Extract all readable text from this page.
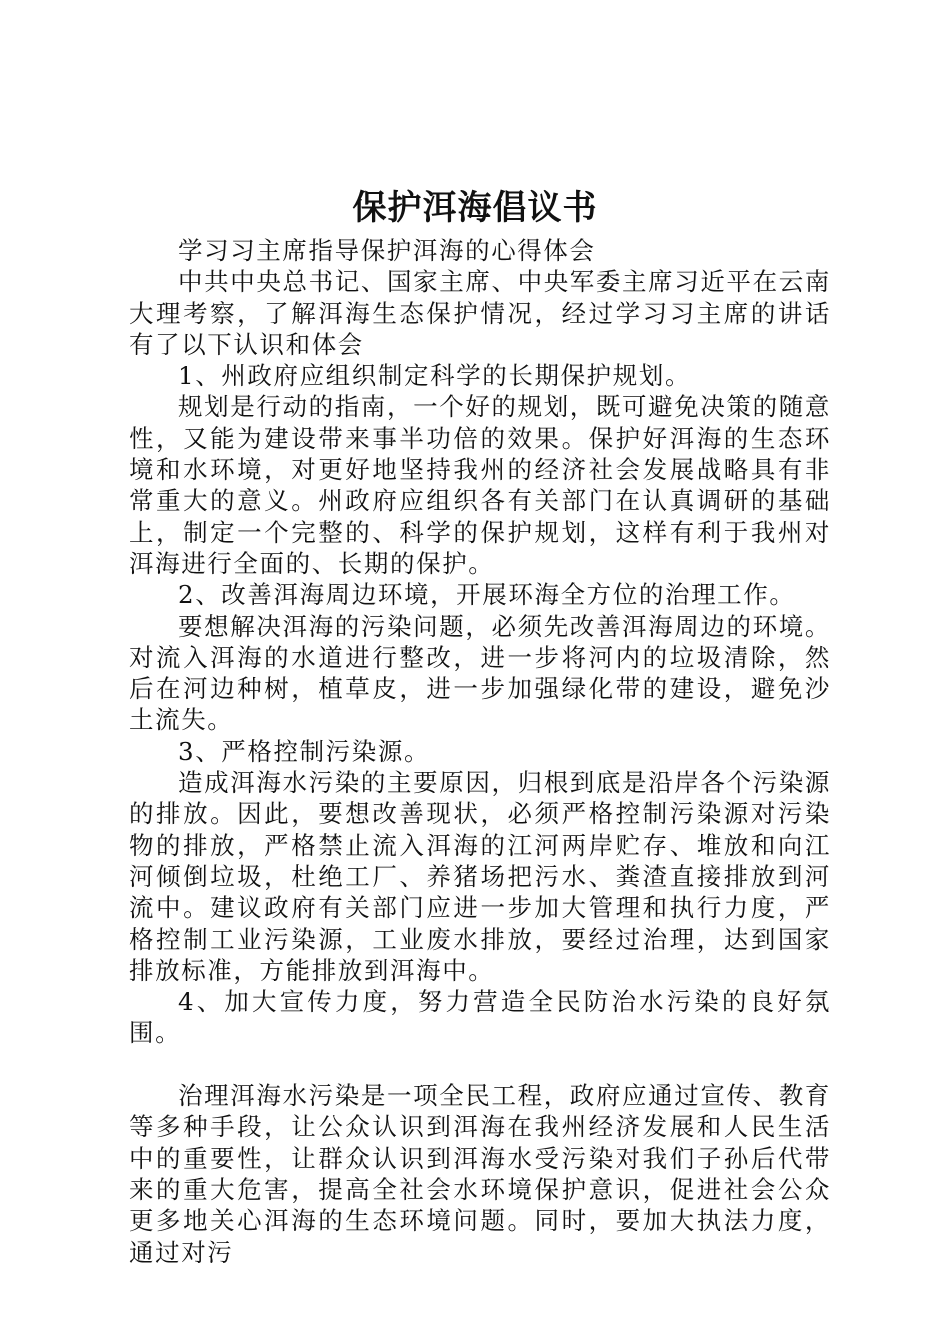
保护洱海倡议书

学习习主席指导保护洱海的心得体会

中共中央总书记、国家主席、中央军委主席习近平在云南大理考察，了解洱海生态保护情况，经过学习习主席的讲话有了以下认识和体会

1、州政府应组织制定科学的长期保护规划。

规划是行动的指南，一个好的规划，既可避免决策的随意性，又能为建设带来事半功倍的效果。保护好洱海的生态环境和水环境，对更好地坚持我州的经济社会发展战略具有非常重大的意义。州政府应组织各有关部门在认真调研的基础上，制定一个完整的、科学的保护规划，这样有利于我州对洱海进行全面的、长期的保护。

2、改善洱海周边环境，开展环海全方位的治理工作。

要想解决洱海的污染问题，必须先改善洱海周边的环境。对流入洱海的水道进行整改，进一步将河内的垃圾清除，然后在河边种树，植草皮，进一步加强绿化带的建设，避免沙土流失。

3、严格控制污染源。

造成洱海水污染的主要原因，归根到底是沿岸各个污染源的排放。因此，要想改善现状，必须严格控制污染源对污染物的排放，严格禁止流入洱海的江河两岸贮存、堆放和向江河倾倒垃圾，杜绝工厂、养猪场把污水、粪渣直接排放到河流中。建议政府有关部门应进一步加大管理和执行力度，严格控制工业污染源，工业废水排放，要经过治理，达到国家排放标准，方能排放到洱海中。

4、加大宣传力度，努力营造全民防治水污染的良好氛围。

治理洱海水污染是一项全民工程，政府应通过宣传、教育等多种手段，让公众认识到洱海在我州经济发展和人民生活中的重要性，让群众认识到洱海水受污染对我们子孙后代带来的重大危害，提高全社会水环境保护意识，促进社会公众更多地关心洱海的生态环境问题。同时，要加大执法力度，通过对污
